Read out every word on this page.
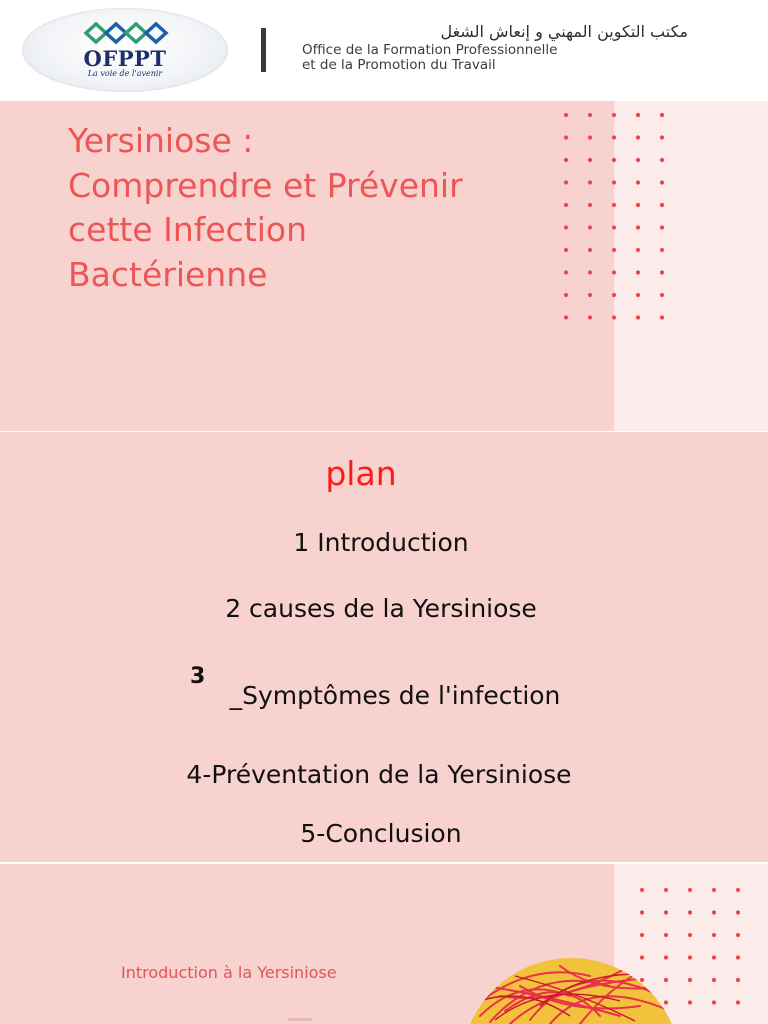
OFPPT
La voie de l'avenir
مكتب التكوين المهني و إنعاش الشغل
Office de la Formation Professionnelle
et de la Promotion du Travail
Yersiniose :
Comprendre et Prévenir
cette Infection
Bactérienne
plan
1 Introduction
2 causes de la Yersiniose
3
_Symptômes de l'infection
4-Préventation de la Yersiniose
5-Conclusion
Introduction à la Yersiniose
